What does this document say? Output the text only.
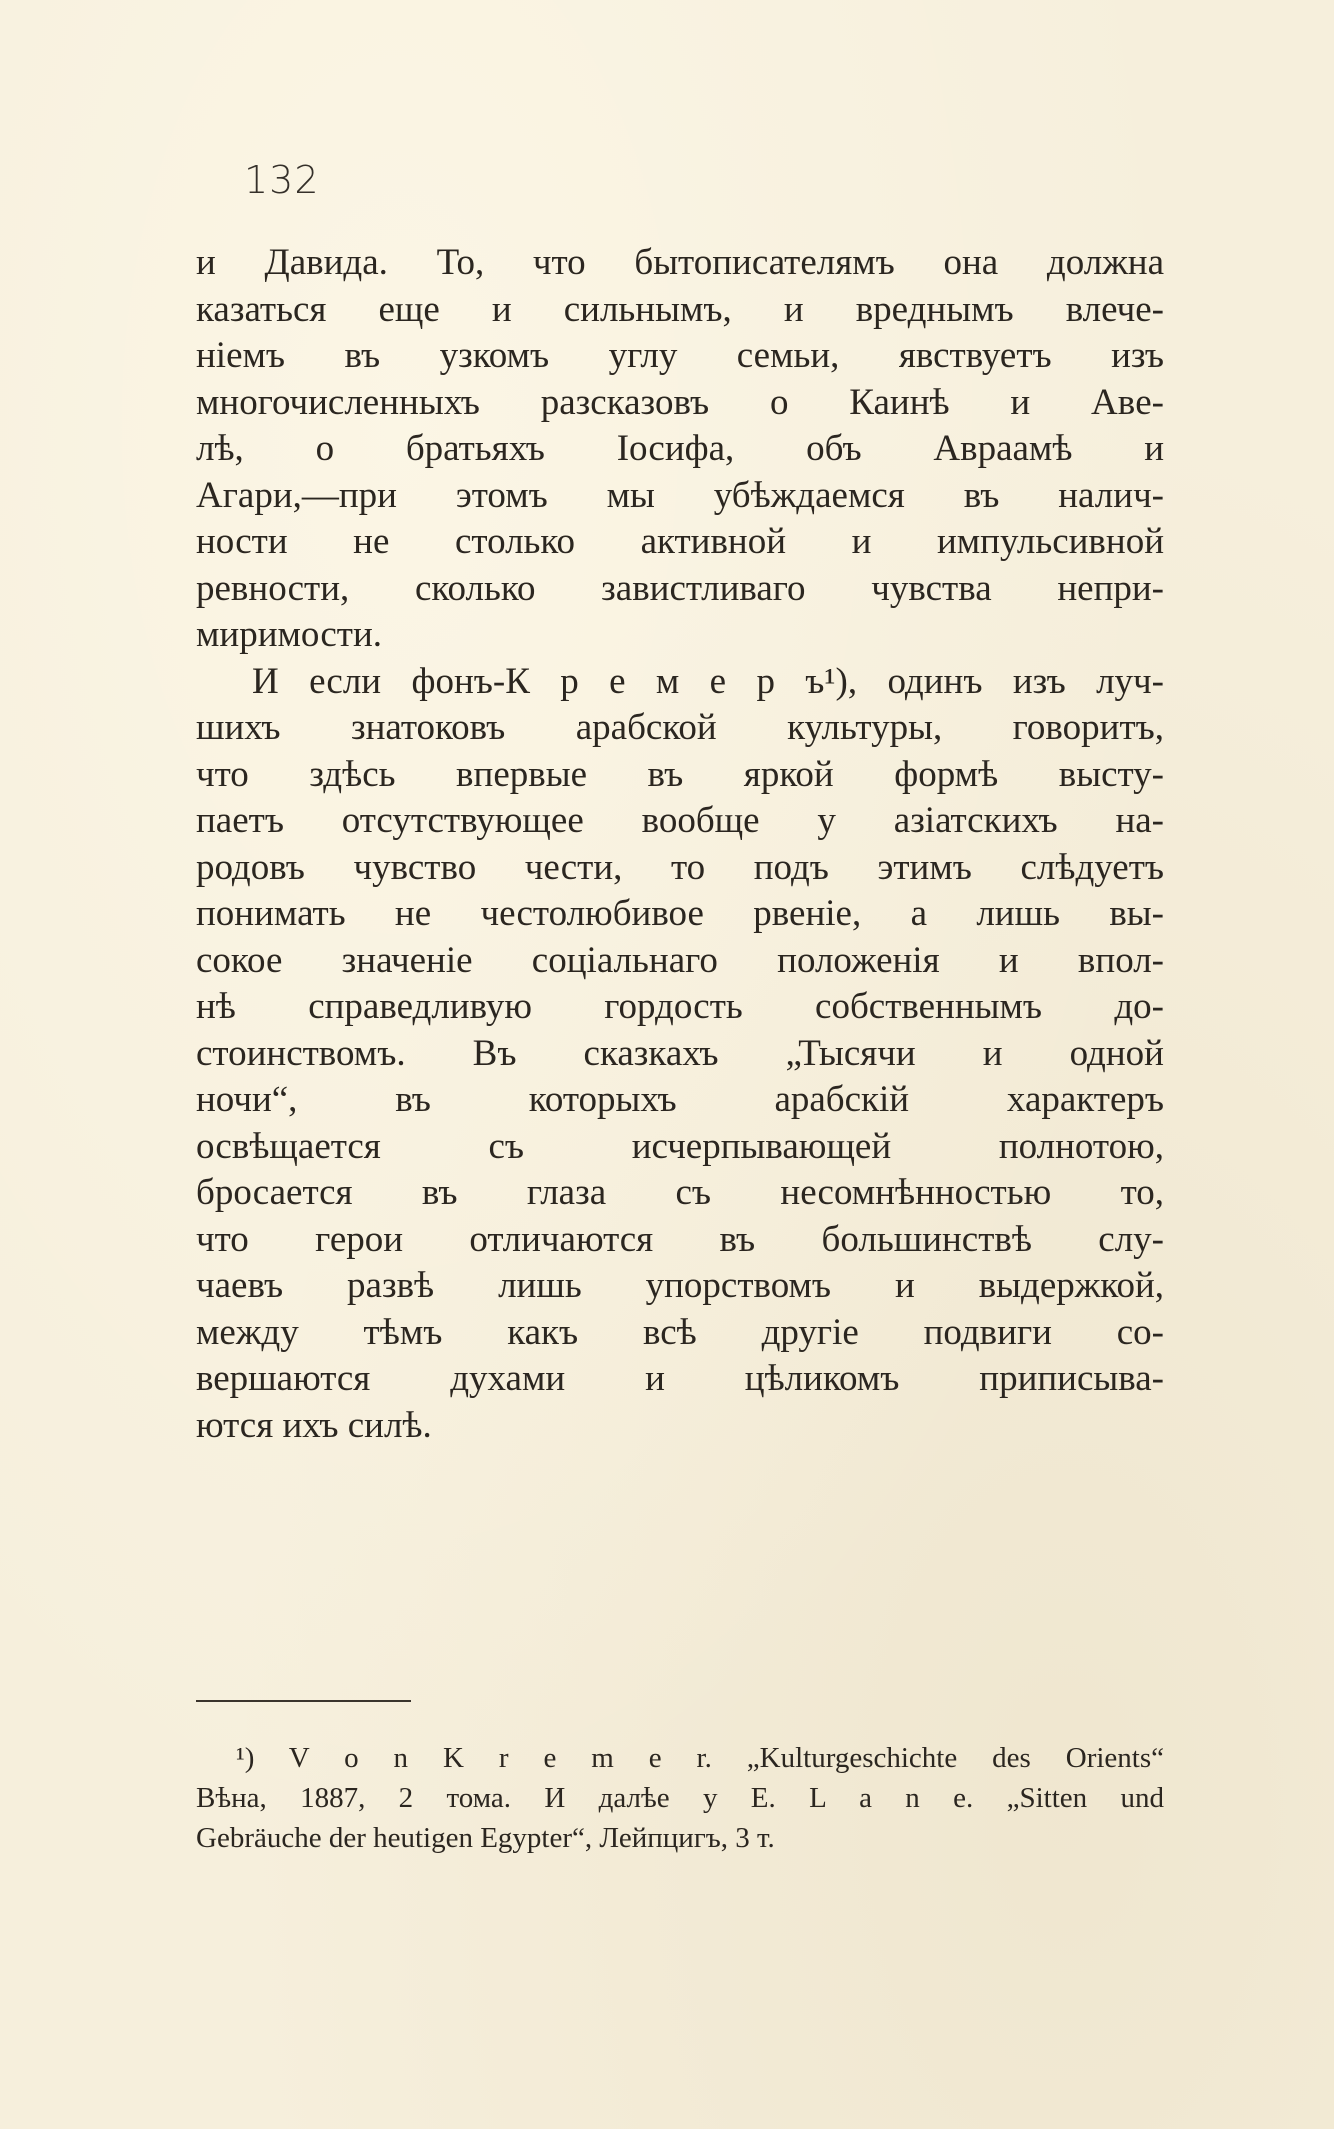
132
и Давида. То, что бытописателямъ она должна
казаться еще и сильнымъ, и вреднымъ влече-
ніемъ въ узкомъ углу семьи, явствуетъ изъ
многочисленныхъ разсказовъ о Каинѣ и Авe-
лѣ, о братьяхъ Іосифа, объ Авраамѣ и
Агари,—при этомъ мы убѣждаемся въ налич-
ности не столько активной и импульсивной
ревности, сколько завистливаго чувства непри-
миримости.
И если фонъ-К р е м е р ъ¹), одинъ изъ луч-
шихъ знатоковъ арабской культуры, говоритъ,
что здѣсь впервые въ яркой формѣ высту-
паетъ отсутствующее вообще у азіатскихъ на-
родовъ чувство чести, то подъ этимъ слѣдуетъ
понимать не честолюбивое рвеніе, а лишь вы-
сокое значеніе соціальнаго положенія и впол-
нѣ справедливую гордость собственнымъ до-
стоинствомъ. Въ сказкахъ „Тысячи и одной
ночи“, въ которыхъ арабскій характеръ
освѣщается съ исчерпывающей полнотою,
бросается въ глаза съ несомнѣнностью то,
что герои отличаются въ большинствѣ слу-
чаевъ развѣ лишь упорствомъ и выдержкой,
между тѣмъ какъ всѣ другіе подвиги со-
вершаются духами и цѣликомъ приписыва-
ются ихъ силѣ.
¹) V o n K r e m e r. „Kulturgeschichte des Orients“
Вѣна, 1887, 2 тома. И далѣе у E. L a n e. „Sitten und
Gebräuche der heutigen Egypter“, Лейпцигъ, 3 т.
